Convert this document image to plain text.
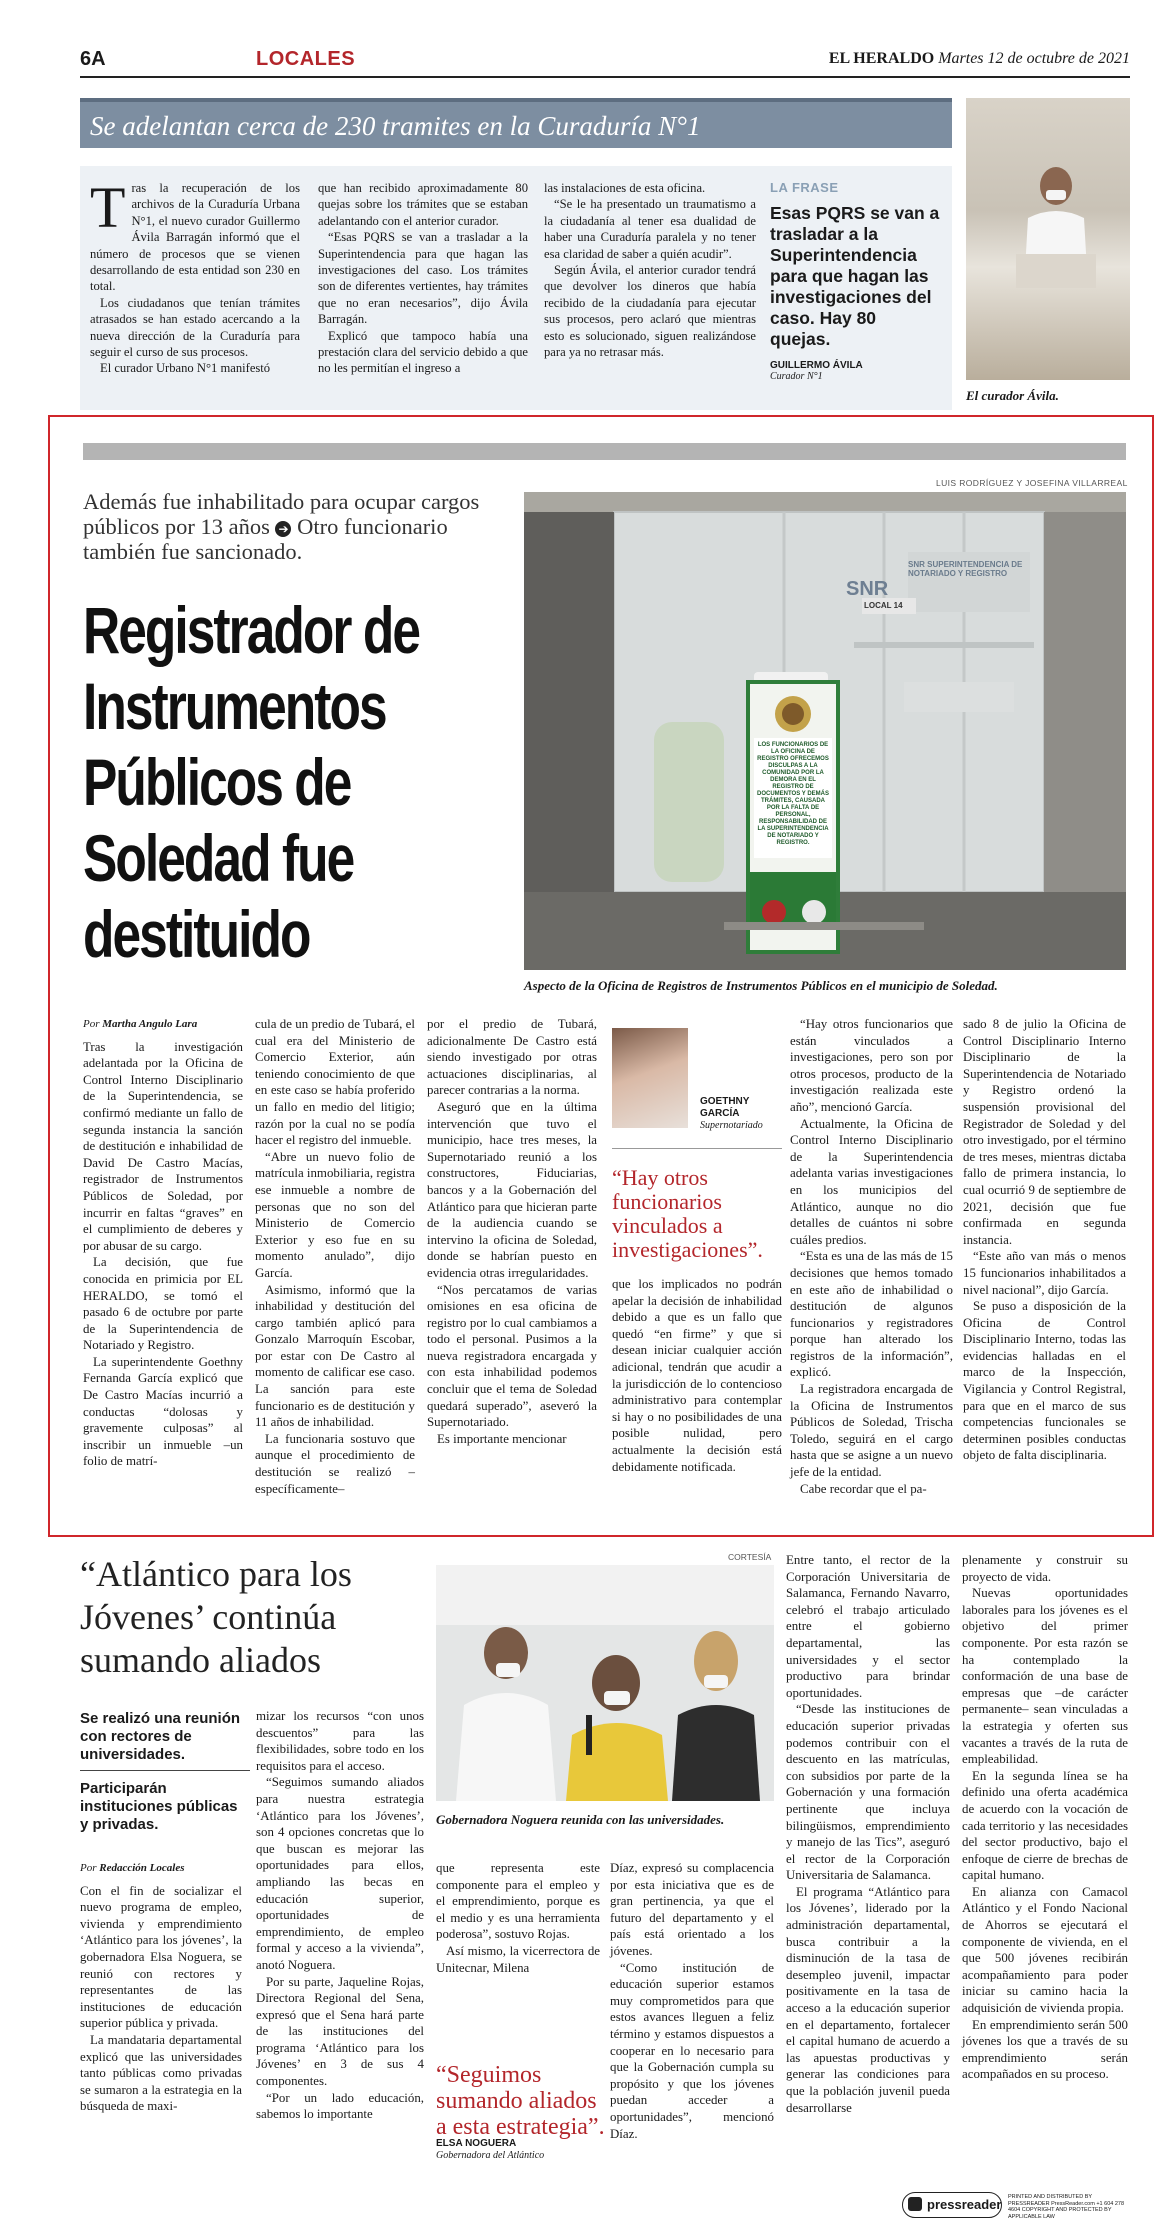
6A	LOCALES	EL HERALDO Martes 12 de octubre de 2021
Se adelantan cerca de 230 tramites en la Curaduría N°1
T ras la recuperación de los archivos de la Curaduría Urbana N°1, el nuevo curador Guillermo Ávila Barragán informó que el número de procesos que se vienen desarrollando de esta entidad son 230 en total.

Los ciudadanos que tenían trámites atrasados se han estado acercando a la nueva dirección de la Curaduría para seguir el curso de sus procesos.

El curador Urbano N°1 manifestó

que han recibido aproximadamente 80 quejas sobre los trámites que se estaban adelantando con el anterior curador.

“Esas PQRS se van a trasladar a la Superintendencia para que hagan las investigaciones del caso. Los trámites son de diferentes vertientes, hay trámites que no eran necesarios”, dijo Ávila Barragán.

Explicó que tampoco había una prestación clara del servicio debido a que no les permitían el ingreso a

las instalaciones de esta oficina.

“Se le ha presentado un traumatismo a la ciudadanía al tener esa dualidad de haber una Curaduría paralela y no tener esa claridad de saber a quién acudir”.

Según Ávila, el anterior curador tendrá que devolver los dineros que había recibido de la ciudadanía para ejecutar sus procesos, pero aclaró que mientras esto es solucionado, siguen realizándose para ya no retrasar más.

LA FRASE
Esas PQRS se van a trasladar a la Superintendencia para que hagan las investigaciones del caso. Hay 80 quejas.
GUILLERMO ÁVILA
Curador N°1
El curador Ávila.
LUIS RODRÍGUEZ Y JOSEFINA VILLARREAL
Además fue inhabilitado para ocupar cargos públicos por 13 años ➔ Otro funcionario también fue sancionado.
Registrador de
Instrumentos
Públicos de
Soledad fue
destituido
SNR
SNR SUPERINTENDENCIA DE NOTARIADO Y REGISTRO
LOCAL 14
LOS FUNCIONARIOS DE LA OFICINA DE REGISTRO OFRECEMOS DISCULPAS A LA COMUNIDAD POR LA DEMORA EN EL REGISTRO DE DOCUMENTOS Y DEMÁS TRÁMITES, CAUSADA POR LA FALTA DE PERSONAL, RESPONSABILIDAD DE LA SUPERINTENDENCIA DE NOTARIADO Y REGISTRO.
Aspecto de la Oficina de Registros de Instrumentos Públicos en el municipio de Soledad.
Por Martha Angulo Lara

Tras la investigación adelantada por la Oficina de Control Interno Disciplinario de la Superintendencia, se confirmó mediante un fallo de segunda instancia la sanción de destitución e inhabilidad de David De Castro Macías, registrador de Instrumentos Públicos de Soledad, por incurrir en faltas “graves” en el cumplimiento de deberes y por abusar de su cargo.

La decisión, que fue conocida en primicia por EL HERALDO, se tomó el pasado 6 de octubre por parte de la Superintendencia de Notariado y Registro.

La superintendente Goethny Fernanda García explicó que De Castro Macías incurrió a conductas “dolosas y gravemente culposas” al inscribir un inmueble –un folio de matrí-

cula de un predio de Tubará, el cual era del Ministerio de Comercio Exterior, aún teniendo conocimiento de que en este caso se había proferido un fallo en medio del litigio; razón por la cual no se podía hacer el registro del inmueble.

“Abre un nuevo folio de matrícula inmobiliaria, registra ese inmueble a nombre de personas que no son del Ministerio de Comercio Exterior y eso fue en su momento anulado”, dijo García.

Asimismo, informó que la inhabilidad y destitución del cargo también aplicó para Gonzalo Marroquín Escobar, por estar con De Castro al momento de calificar ese caso. La sanción para este funcionario es de destitución y 11 años de inhabilidad.

La funcionaria sostuvo que aunque el procedimiento de destitución se realizó –específicamente–

por el predio de Tubará, adicionalmente De Castro está siendo investigado por otras actuaciones disciplinarias, al parecer contrarias a la norma.

Aseguró que en la última intervención que tuvo el municipio, hace tres meses, la Supernotariado reunió a los constructores, Fiduciarias, bancos y a la Gobernación del Atlántico para que hicieran parte de la audiencia cuando se intervino la oficina de Soledad, donde se habrían puesto en evidencia otras irregularidades.

“Nos percatamos de varias omisiones en esa oficina de registro por lo cual cambiamos a todo el personal. Pusimos a la nueva registradora encargada y con esta inhabilidad podemos concluir que el tema de Soledad quedará superado”, aseveró la Supernotariado.

Es importante mencionar

GOETHNY
GARCÍA
Supernotariado
“Hay otros funcionarios vinculados a investigaciones”.

que los implicados no podrán apelar la decisión de inhabilidad debido a que es un fallo que quedó “en firme” y que si desean iniciar cualquier acción adicional, tendrán que acudir a la jurisdicción de lo contencioso administrativo para contemplar si hay o no posibilidades de una posible nulidad, pero actualmente la decisión está debidamente notificada.

“Hay otros funcionarios que están vinculados a investigaciones, pero son por otros procesos, producto de la investigación realizada este año”, mencionó García.

Actualmente, la Oficina de Control Interno Disciplinario de la Superintendencia adelanta varias investigaciones en los municipios del Atlántico, aunque no dio detalles de cuántos ni sobre cuáles predios.

“Esta es una de las más de 15 decisiones que hemos tomado en este año de inhabilidad o destitución de algunos funcionarios y registradores porque han alterado los registros de la información”, explicó.

La registradora encargada de la Oficina de Instrumentos Públicos de Soledad, Trischa Toledo, seguirá en el cargo hasta que se asigne a un nuevo jefe de la entidad.

Cabe recordar que el pa-

sado 8 de julio la Oficina de Control Disciplinario Interno Disciplinario de la Superintendencia de Notariado y Registro ordenó la suspensión provisional del Registrador de Soledad y del otro investigado, por el término de tres meses, mientras dictaba fallo de primera instancia, lo cual ocurrió 9 de septiembre de 2021, decisión que fue confirmada en segunda instancia.

“Este año van más o menos 15 funcionarios inhabilitados a nivel nacional”, dijo García.

Se puso a disposición de la Oficina de Control Disciplinario Interno, todas las evidencias halladas en el marco de la Inspección, Vigilancia y Control Registral, para que en el marco de sus competencias funcionales se determinen posibles conductas objeto de falta disciplinaria.

“Atlántico para los Jóvenes’ continúa sumando aliados
Se realizó una reunión con rectores de universidades.
Participarán instituciones públicas y privadas.
CORTESÍA
Gobernadora Noguera reunida con las universidades.
Por Redacción Locales

Con el fin de socializar el nuevo programa de empleo, vivienda y emprendimiento ‘Atlántico para los jóvenes’, la gobernadora Elsa Noguera, se reunió con rectores y representantes de las instituciones de educación superior pública y privada.

La mandataria departamental explicó que las universidades tanto públicas como privadas se sumaron a la estrategia en la búsqueda de maxi-

mizar los recursos “con unos descuentos” para las flexibilidades, sobre todo en los requisitos para el acceso.

“Seguimos sumando aliados para nuestra estrategia ‘Atlántico para los Jóvenes’, son 4 opciones concretas que lo que buscan es mejorar las oportunidades para ellos, ampliando las becas en educación superior, oportunidades de emprendimiento, de empleo formal y acceso a la vivienda”, anotó Noguera.

Por su parte, Jaqueline Rojas, Directora Regional del Sena, expresó que el Sena hará parte de las instituciones del programa ‘Atlántico para los Jóvenes’ en 3 de sus 4 componentes.

“Por un lado educación, sabemos lo importante

que representa este componente para el empleo y el emprendimiento, porque es el medio y es una herramienta poderosa”, sostuvo Rojas.

Así mismo, la vicerrectora de Unitecnar, Milena

“Seguimos sumando aliados a esta estrategia”.
ELSA NOGUERA
Gobernadora del Atlántico

Díaz, expresó su complacencia por esta iniciativa que es de gran pertinencia, ya que el futuro del departamento y el país está orientado a los jóvenes.

“Como institución de educación superior estamos muy comprometidos para que estos avances lleguen a feliz término y estamos dispuestos a cooperar en lo necesario para que la Gobernación cumpla su propósito y que los jóvenes puedan acceder a oportunidades”, mencionó Díaz.

Entre tanto, el rector de la Corporación Universitaria de Salamanca, Fernando Navarro, celebró el trabajo articulado entre el gobierno departamental, las universidades y el sector productivo para brindar oportunidades.

“Desde las instituciones de educación superior privadas podemos contribuir con el descuento en las matrículas, con subsidios por parte de la Gobernación y una formación pertinente que incluya bilingüismos, emprendimiento y manejo de las Tics”, aseguró el rector de la Corporación Universitaria de Salamanca.

El programa “Atlántico para los Jóvenes’, liderado por la administración departamental, busca contribuir a la disminución de la tasa de desempleo juvenil, impactar positivamente en la tasa de acceso a la educación superior en el departamento, fortalecer el capital humano de acuerdo a las apuestas productivas y generar las condiciones para que la población juvenil pueda desarrollarse

plenamente y construir su proyecto de vida.

Nuevas oportunidades laborales para los jóvenes es el objetivo del primer componente. Por esta razón se ha contemplado la conformación de una base de empresas que –de carácter permanente– sean vinculadas a la estrategia y oferten sus vacantes a través de la ruta de empleabilidad.

En la segunda línea se ha definido una oferta académica de acuerdo con la vocación de cada territorio y las necesidades del sector productivo, bajo el enfoque de cierre de brechas de capital humano.

En alianza con Camacol Atlántico y el Fondo Nacional de Ahorros se ejecutará el componente de vivienda, en el que 500 jóvenes recibirán acompañamiento para poder iniciar su camino hacia la adquisición de vivienda propia.

En emprendimiento serán 500 jóvenes los que a través de su emprendimiento serán acompañados en su proceso.

pressreader PRINTED AND DISTRIBUTED BY PRESSREADER PressReader.com +1 604 278 4604 COPYRIGHT AND PROTECTED BY APPLICABLE LAW
